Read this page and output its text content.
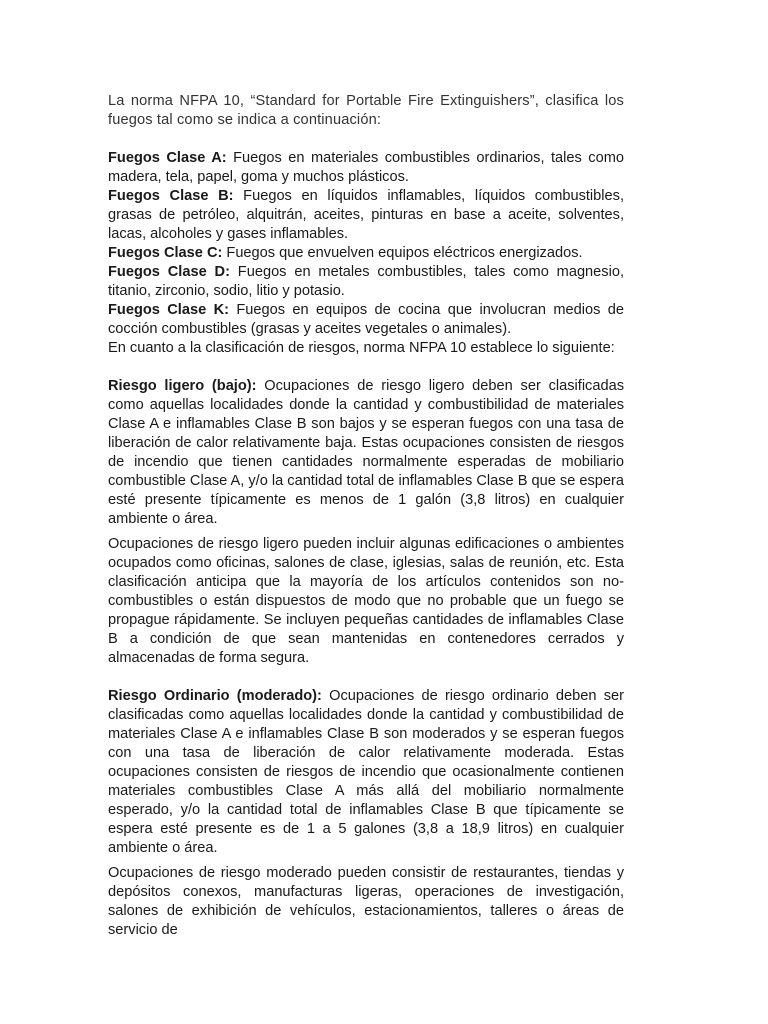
La norma NFPA 10, “Standard for Portable Fire Extinguishers”, clasifica los fuegos tal como se indica a continuación:

Fuegos Clase A: Fuegos en materiales combustibles ordinarios, tales como madera, tela, papel, goma y muchos plásticos.

Fuegos Clase B: Fuegos en líquidos inflamables, líquidos combustibles, grasas de petróleo, alquitrán, aceites, pinturas en base a aceite, solventes, lacas, alcoholes y gases inflamables.

Fuegos Clase C: Fuegos que envuelven equipos eléctricos energizados.

Fuegos Clase D: Fuegos en metales combustibles, tales como magnesio, titanio, zirconio, sodio, litio y potasio.

Fuegos Clase K: Fuegos en equipos de cocina que involucran medios de cocción combustibles (grasas y aceites vegetales o animales).

En cuanto a la clasificación de riesgos, norma NFPA 10 establece lo siguiente:

Riesgo ligero (bajo): Ocupaciones de riesgo ligero deben ser clasificadas como aquellas localidades donde la cantidad y combustibilidad de materiales Clase A e inflamables Clase B son bajos y se esperan fuegos con una tasa de liberación de calor relativamente baja. Estas ocupaciones consisten de riesgos de incendio que tienen cantidades normalmente esperadas de mobiliario combustible Clase A, y/o la cantidad total de inflamables Clase B que se espera esté presente típicamente es menos de 1 galón (3,8 litros) en cualquier ambiente o área.

Ocupaciones de riesgo ligero pueden incluir algunas edificaciones o ambientes ocupados como oficinas, salones de clase, iglesias, salas de reunión, etc. Esta clasificación anticipa que la mayoría de los artículos contenidos son no-combustibles o están dispuestos de modo que no probable que un fuego se propague rápidamente. Se incluyen pequeñas cantidades de inflamables Clase B a condición de que sean mantenidas en contenedores cerrados y almacenadas de forma segura.

Riesgo Ordinario (moderado): Ocupaciones de riesgo ordinario deben ser clasificadas como aquellas localidades donde la cantidad y combustibilidad de materiales Clase A e inflamables Clase B son moderados y se esperan fuegos con una tasa de liberación de calor relativamente moderada. Estas ocupaciones consisten de riesgos de incendio que ocasionalmente contienen materiales combustibles Clase A más allá del mobiliario normalmente esperado, y/o la cantidad total de inflamables Clase B que típicamente se espera esté presente es de 1 a 5 galones (3,8 a 18,9 litros) en cualquier ambiente o área.

Ocupaciones de riesgo moderado pueden consistir de restaurantes, tiendas y depósitos conexos, manufacturas ligeras, operaciones de investigación, salones de exhibición de vehículos, estacionamientos, talleres o áreas de servicio de
